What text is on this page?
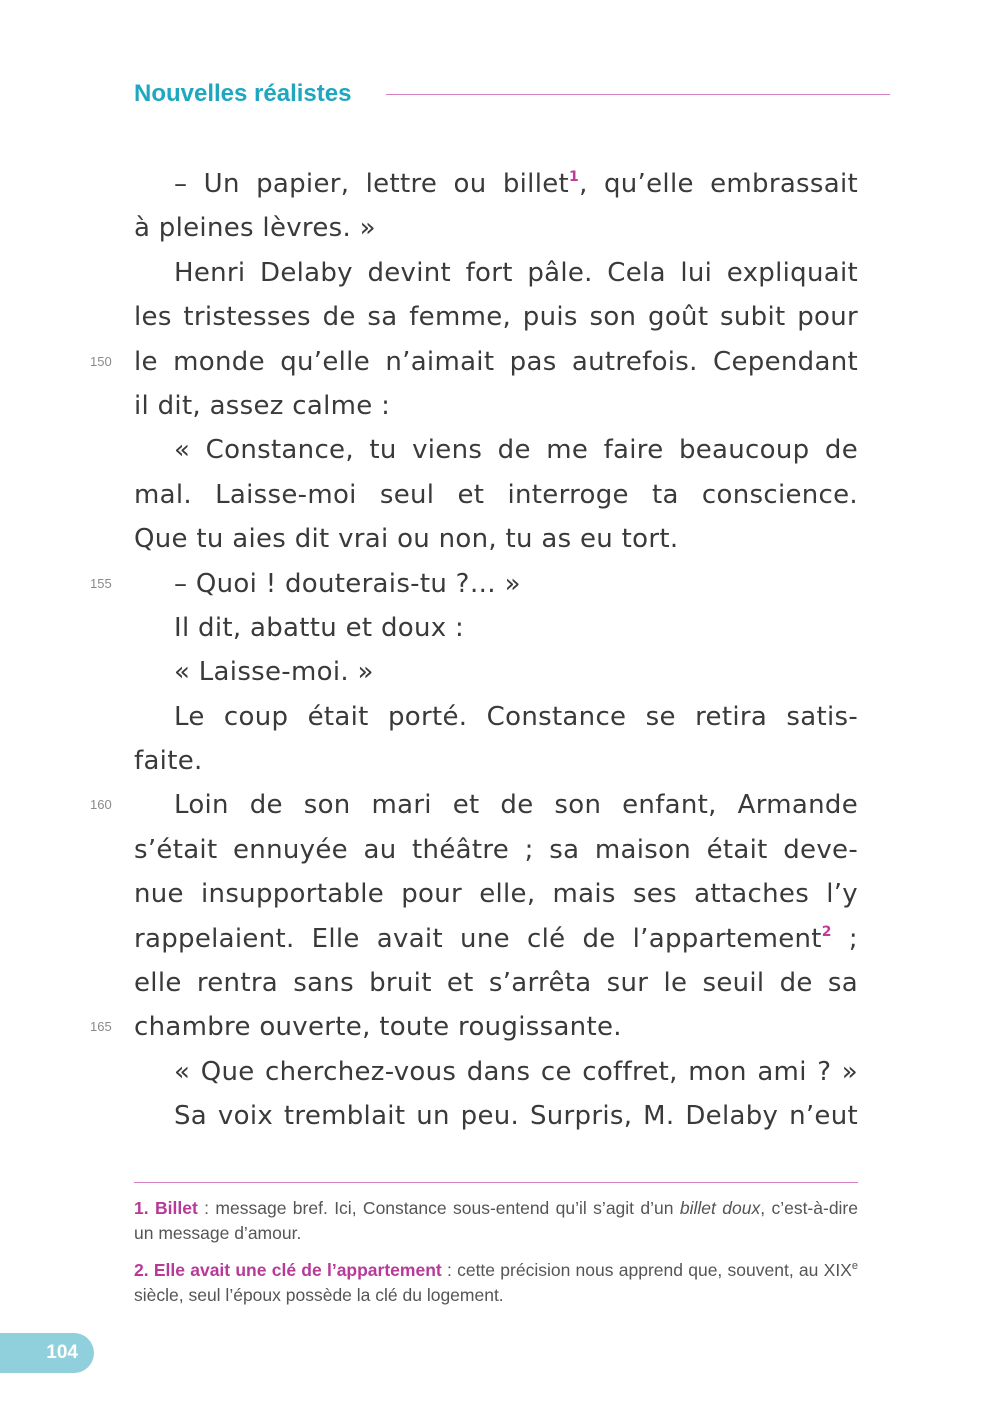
Nouvelles réalistes
– Un papier, lettre ou billet$^1$, qu’elle embrassait
à pleines lèvres. »
Henri Delaby devint fort pâle. Cela lui expliquait
les tristesses de sa femme, puis son goût subit pour
150 le monde qu’elle n’aimait pas autrefois. Cependant
il dit, assez calme :
« Constance, tu viens de me faire beaucoup de
mal. Laisse-moi seul et interroge ta conscience.
Que tu aies dit vrai ou non, tu as eu tort.
155 – Quoi ! douterais-tu ?… »
Il dit, abattu et doux :
« Laisse-moi. »
Le coup était porté. Constance se retira satis-
faite.
160 Loin de son mari et de son enfant, Armande
s’était ennuyée au théâtre ; sa maison était deve-
nue insupportable pour elle, mais ses attaches l’y
rappelaient. Elle avait une clé de l’appartement$^2$ ;
elle rentra sans bruit et s’arrêta sur le seuil de sa
165 chambre ouverte, toute rougissante.
« Que cherchez-vous dans ce coffret, mon ami ? »
Sa voix tremblait un peu. Surpris, M. Delaby n’eut
1. Billet : message bref. Ici, Constance sous-entend qu’il s’agit d’un billet doux, c’est-à-dire un message d’amour.
2. Elle avait une clé de l’appartement : cette précision nous apprend que, souvent, au XIXe siècle, seul l’époux possède la clé du logement.
104
